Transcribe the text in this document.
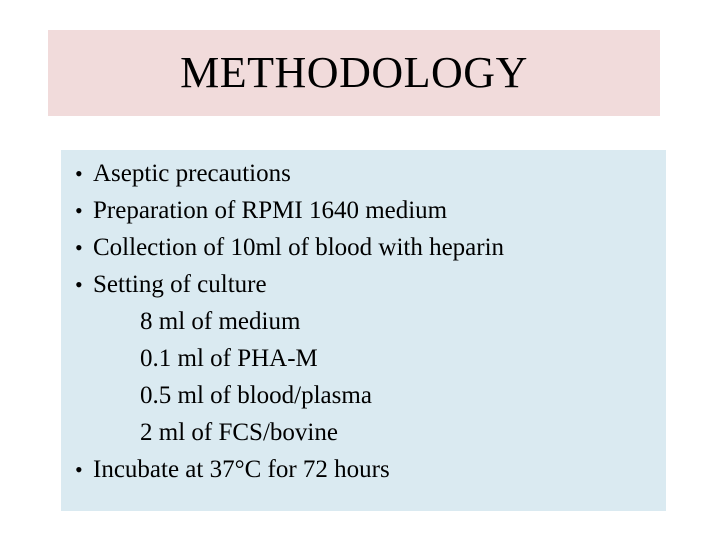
METHODOLOGY
• Aseptic precautions
• Preparation of RPMI 1640 medium
• Collection of 10ml of blood with heparin
• Setting of culture
8 ml of medium
0.1 ml of PHA-M
0.5 ml of blood/plasma
2 ml of FCS/bovine
• Incubate at 37°C for 72 hours
